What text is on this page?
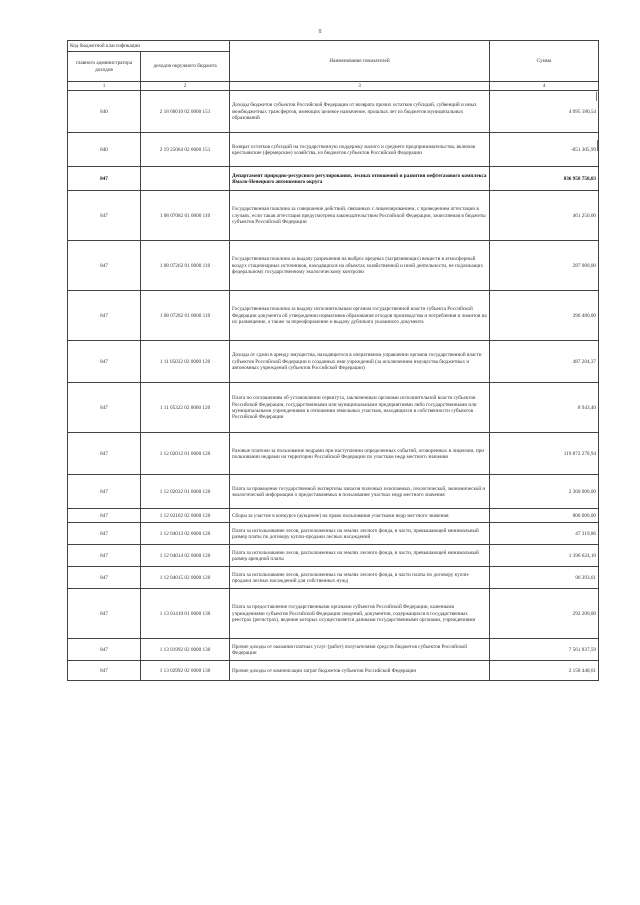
8
Код бюджетной классификации		Наименование показателей	Сумма
главного администратора доходов	доходов окружного бюджета		
1	2	3	4
840	2 18 60010 02 0000 151	Доходы бюджетов субъектов Российской Федерации от возврата прочих остатков субсидий, субвенций и иных межбюджетных трансфертов, имеющих целевое назначение, прошлых лет из бюджетов муниципальных образований	4 095 180,54
840	2 19 25064 02 0000 151	Возврат остатков субсидий на государственную поддержку малого и среднего предпринимательства, включая крестьянские (фермерские) хозяйства, из бюджетов субъектов Российской Федерации	-851 305,99
847		Департамент природно-ресурсного регулирования, лесных отношений и развития нефтегазового комплекса Ямало-Ненецкого автономного округа	836 958 758,03
847	1 08 07082 01 0000 110	Государственная пошлина за совершение действий, связанных с лицензированием, с проведением аттестации в случаях, если такая аттестация предусмотрена законодательством Российской Федерации, зачисляемая в бюджеты субъектов Российской Федерации	461 250,00
847	1 08 07262 01 0000 110	Государственная пошлина за выдачу разрешения на выброс вредных (загрязняющих) веществ в атмосферный воздух стационарных источников, находящихся на объектах хозяйственной и иной деятельности, не подлежащих федеральному государственному экологическому контролю	287 000,00
847	1 08 07282 01 0000 110	Государственная пошлина за выдачу исполнительным органом государственной власти субъекта Российской Федерации документа об утверждении нормативов образования отходов производства и потребления и лимитов на их размещение, а также за переоформление и выдачу дубликата указанного документа	396 480,00
847	1 11 05032 02 0000 120	Доходы от сдачи в аренду имущества, находящегося в оперативном управлении органов государственной власти субъектов Российской Федерации и созданных ими учреждений (за исключением имущества бюджетных и автономных учреждений субъектов Российской Федерации)	487 204,37
847	1 11 05322 02 0000 120	Плата по соглашениям об установлении сервитута, заключенным органами исполнительной власти субъектов Российской Федерации, государственными или муниципальными предприятиями либо государственными или муниципальными учреждениями в отношении земельных участков, находящихся в собственности субъектов Российской Федерации	8 943,40
847	1 12 02012 01 0000 120	Разовые платежи за пользование недрами при наступлении определенных событий, оговоренных в лицензии, при пользовании недрами на территории Российской Федерации по участкам недр местного значения	119 872 270,94
847	1 12 02032 01 0000 120	Плата за проведение государственной экспертизы запасов полезных ископаемых, геологической, экономической и экологической информации о предоставляемых в пользование участках недр местного значения	2 360 000,00
847	1 12 02102 02 0000 120	Сборы за участие в конкурсе (аукционе) на право пользования участками недр местного значения	800 000,00
847	1 12 04013 02 0000 120	Плата за использование лесов, расположенных на землях лесного фонда, в части, превышающей минимальный размер платы по договору купли-продажи лесных насаждений	47 319,86
847	1 12 04014 02 0000 120	Плата за использование лесов, расположенных на землях лесного фонда, в части, превышающей минимальный размер арендной платы	1 396 624,10
847	1 12 04015 02 0000 120	Плата за использование лесов, расположенных на землях лесного фонда, в части платы по договору купли-продажи лесных насаждений для собственных нужд	96 393,61
847	1 13 01410 01 0000 130	Плата за предоставление государственными органами субъектов Российской Федерации, казенными учреждениями субъектов Российской Федерации сведений, документов, содержащихся в государственных реестрах (регистрах), ведение которых осуществляется данными государственными органами, учреждениями	292 200,00
847	1 13 01992 02 0000 130	Прочие доходы от оказания платных услуг (работ) получателями средств бюджетов субъектов Российской Федерации	7 561 837,59
847	1 13 02992 02 0000 130	Прочие доходы от компенсации затрат бюджетов субъектов Российской Федерации	2 158 448,01
